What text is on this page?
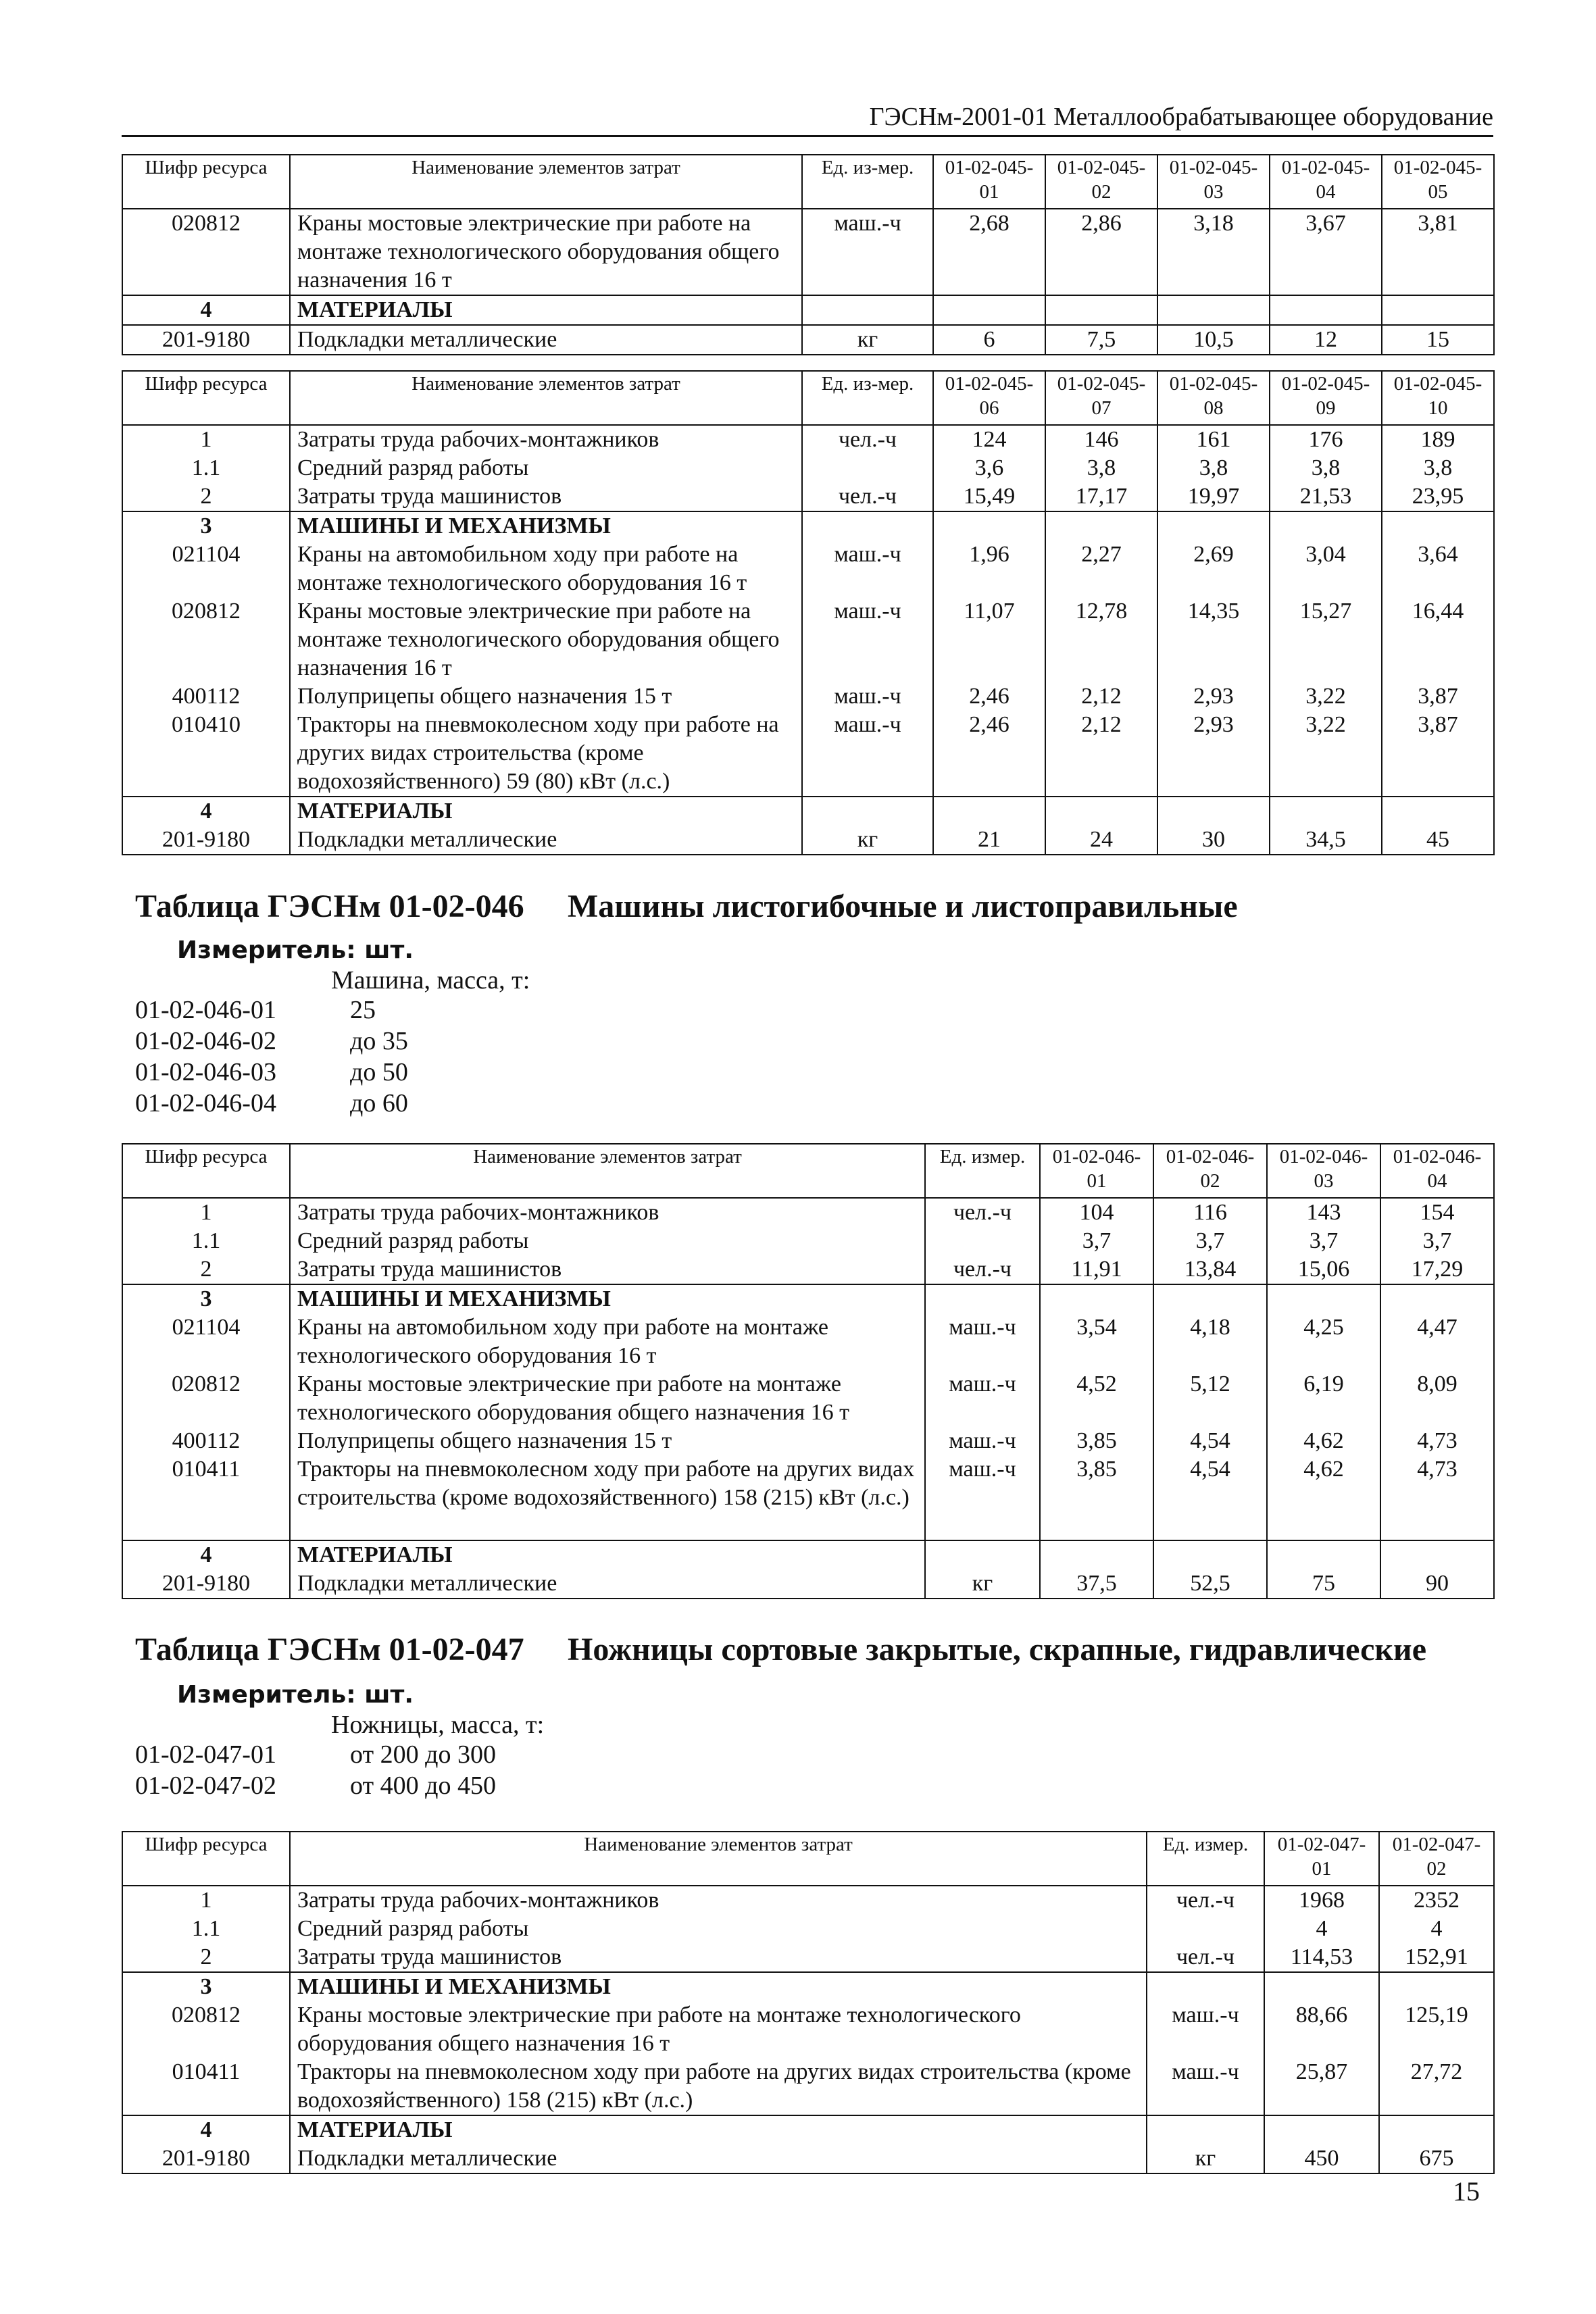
ГЭСНм-2001-01 Металлообрабатывающее оборудование
Шифр ресурса	Наименование элементов затрат	Ед. из-мер.	01-02-045-01	01-02-045-02	01-02-045-03	01-02-045-04	01-02-045-05
020812	Краны мостовые электрические при работе на монтаже технологического оборудования общего назначения 16 т	маш.-ч	2,68	2,86	3,18	3,67	3,81
4	МАТЕРИАЛЫ						
201-9180	Подкладки металлические	кг	6	7,5	10,5	12	15
Шифр ресурса	Наименование элементов затрат	Ед. из-мер.	01-02-045-06	01-02-045-07	01-02-045-08	01-02-045-09	01-02-045-10
1	Затраты труда рабочих-монтажников	чел.-ч	124	146	161	176	189
1.1	Средний разряд работы		3,6	3,8	3,8	3,8	3,8
2	Затраты труда машинистов	чел.-ч	15,49	17,17	19,97	21,53	23,95
3	МАШИНЫ И МЕХАНИЗМЫ						
021104	Краны на автомобильном ходу при работе на монтаже технологического оборудования 16 т	маш.-ч	1,96	2,27	2,69	3,04	3,64
020812	Краны мостовые электрические при работе на монтаже технологического оборудования общего назначения 16 т	маш.-ч	11,07	12,78	14,35	15,27	16,44
400112	Полуприцепы общего назначения 15 т	маш.-ч	2,46	2,12	2,93	3,22	3,87
010410	Тракторы на пневмоколесном ходу при работе на других видах строительства (кроме водохозяйственного) 59 (80) кВт (л.с.)	маш.-ч	2,46	2,12	2,93	3,22	3,87
4	МАТЕРИАЛЫ						
201-9180	Подкладки металлические	кг	21	24	30	34,5	45
Таблица ГЭСНм 01-02-046 Машины листогибочные и листоправильные
Измеритель: шт.
Машина, масса, т:
01-02-046-01	25
01-02-046-02	до 35
01-02-046-03	до 50
01-02-046-04	до 60
Шифр ресурса	Наименование элементов затрат	Ед. измер.	01-02-046-01	01-02-046-02	01-02-046-03	01-02-046-04
1	Затраты труда рабочих-монтажников	чел.-ч	104	116	143	154
1.1	Средний разряд работы		3,7	3,7	3,7	3,7
2	Затраты труда машинистов	чел.-ч	11,91	13,84	15,06	17,29
3	МАШИНЫ И МЕХАНИЗМЫ					
021104	Краны на автомобильном ходу при работе на монтаже технологического оборудования 16 т	маш.-ч	3,54	4,18	4,25	4,47
020812	Краны мостовые электрические при работе на монтаже технологического оборудования общего назначения 16 т	маш.-ч	4,52	5,12	6,19	8,09
400112	Полуприцепы общего назначения 15 т	маш.-ч	3,85	4,54	4,62	4,73
010411	Тракторы на пневмоколесном ходу при работе на других видах строительства (кроме водохозяйственного) 158 (215) кВт (л.с.)	маш.-ч	3,85	4,54	4,62	4,73
4	МАТЕРИАЛЫ					
201-9180	Подкладки металлические	кг	37,5	52,5	75	90
Таблица ГЭСНм 01-02-047 Ножницы сортовые закрытые, скрапные, гидравлические
Измеритель: шт.
Ножницы, масса, т:
01-02-047-01	от 200 до 300
01-02-047-02	от 400 до 450
Шифр ресурса	Наименование элементов затрат	Ед. измер.	01-02-047-01	01-02-047-02
1	Затраты труда рабочих-монтажников	чел.-ч	1968	2352
1.1	Средний разряд работы		4	4
2	Затраты труда машинистов	чел.-ч	114,53	152,91
3	МАШИНЫ И МЕХАНИЗМЫ			
020812	Краны мостовые электрические при работе на монтаже технологического оборудования общего назначения 16 т	маш.-ч	88,66	125,19
010411	Тракторы на пневмоколесном ходу при работе на других видах строительства (кроме водохозяйственного) 158 (215) кВт (л.с.)	маш.-ч	25,87	27,72
4	МАТЕРИАЛЫ			
201-9180	Подкладки металлические	кг	450	675
15
